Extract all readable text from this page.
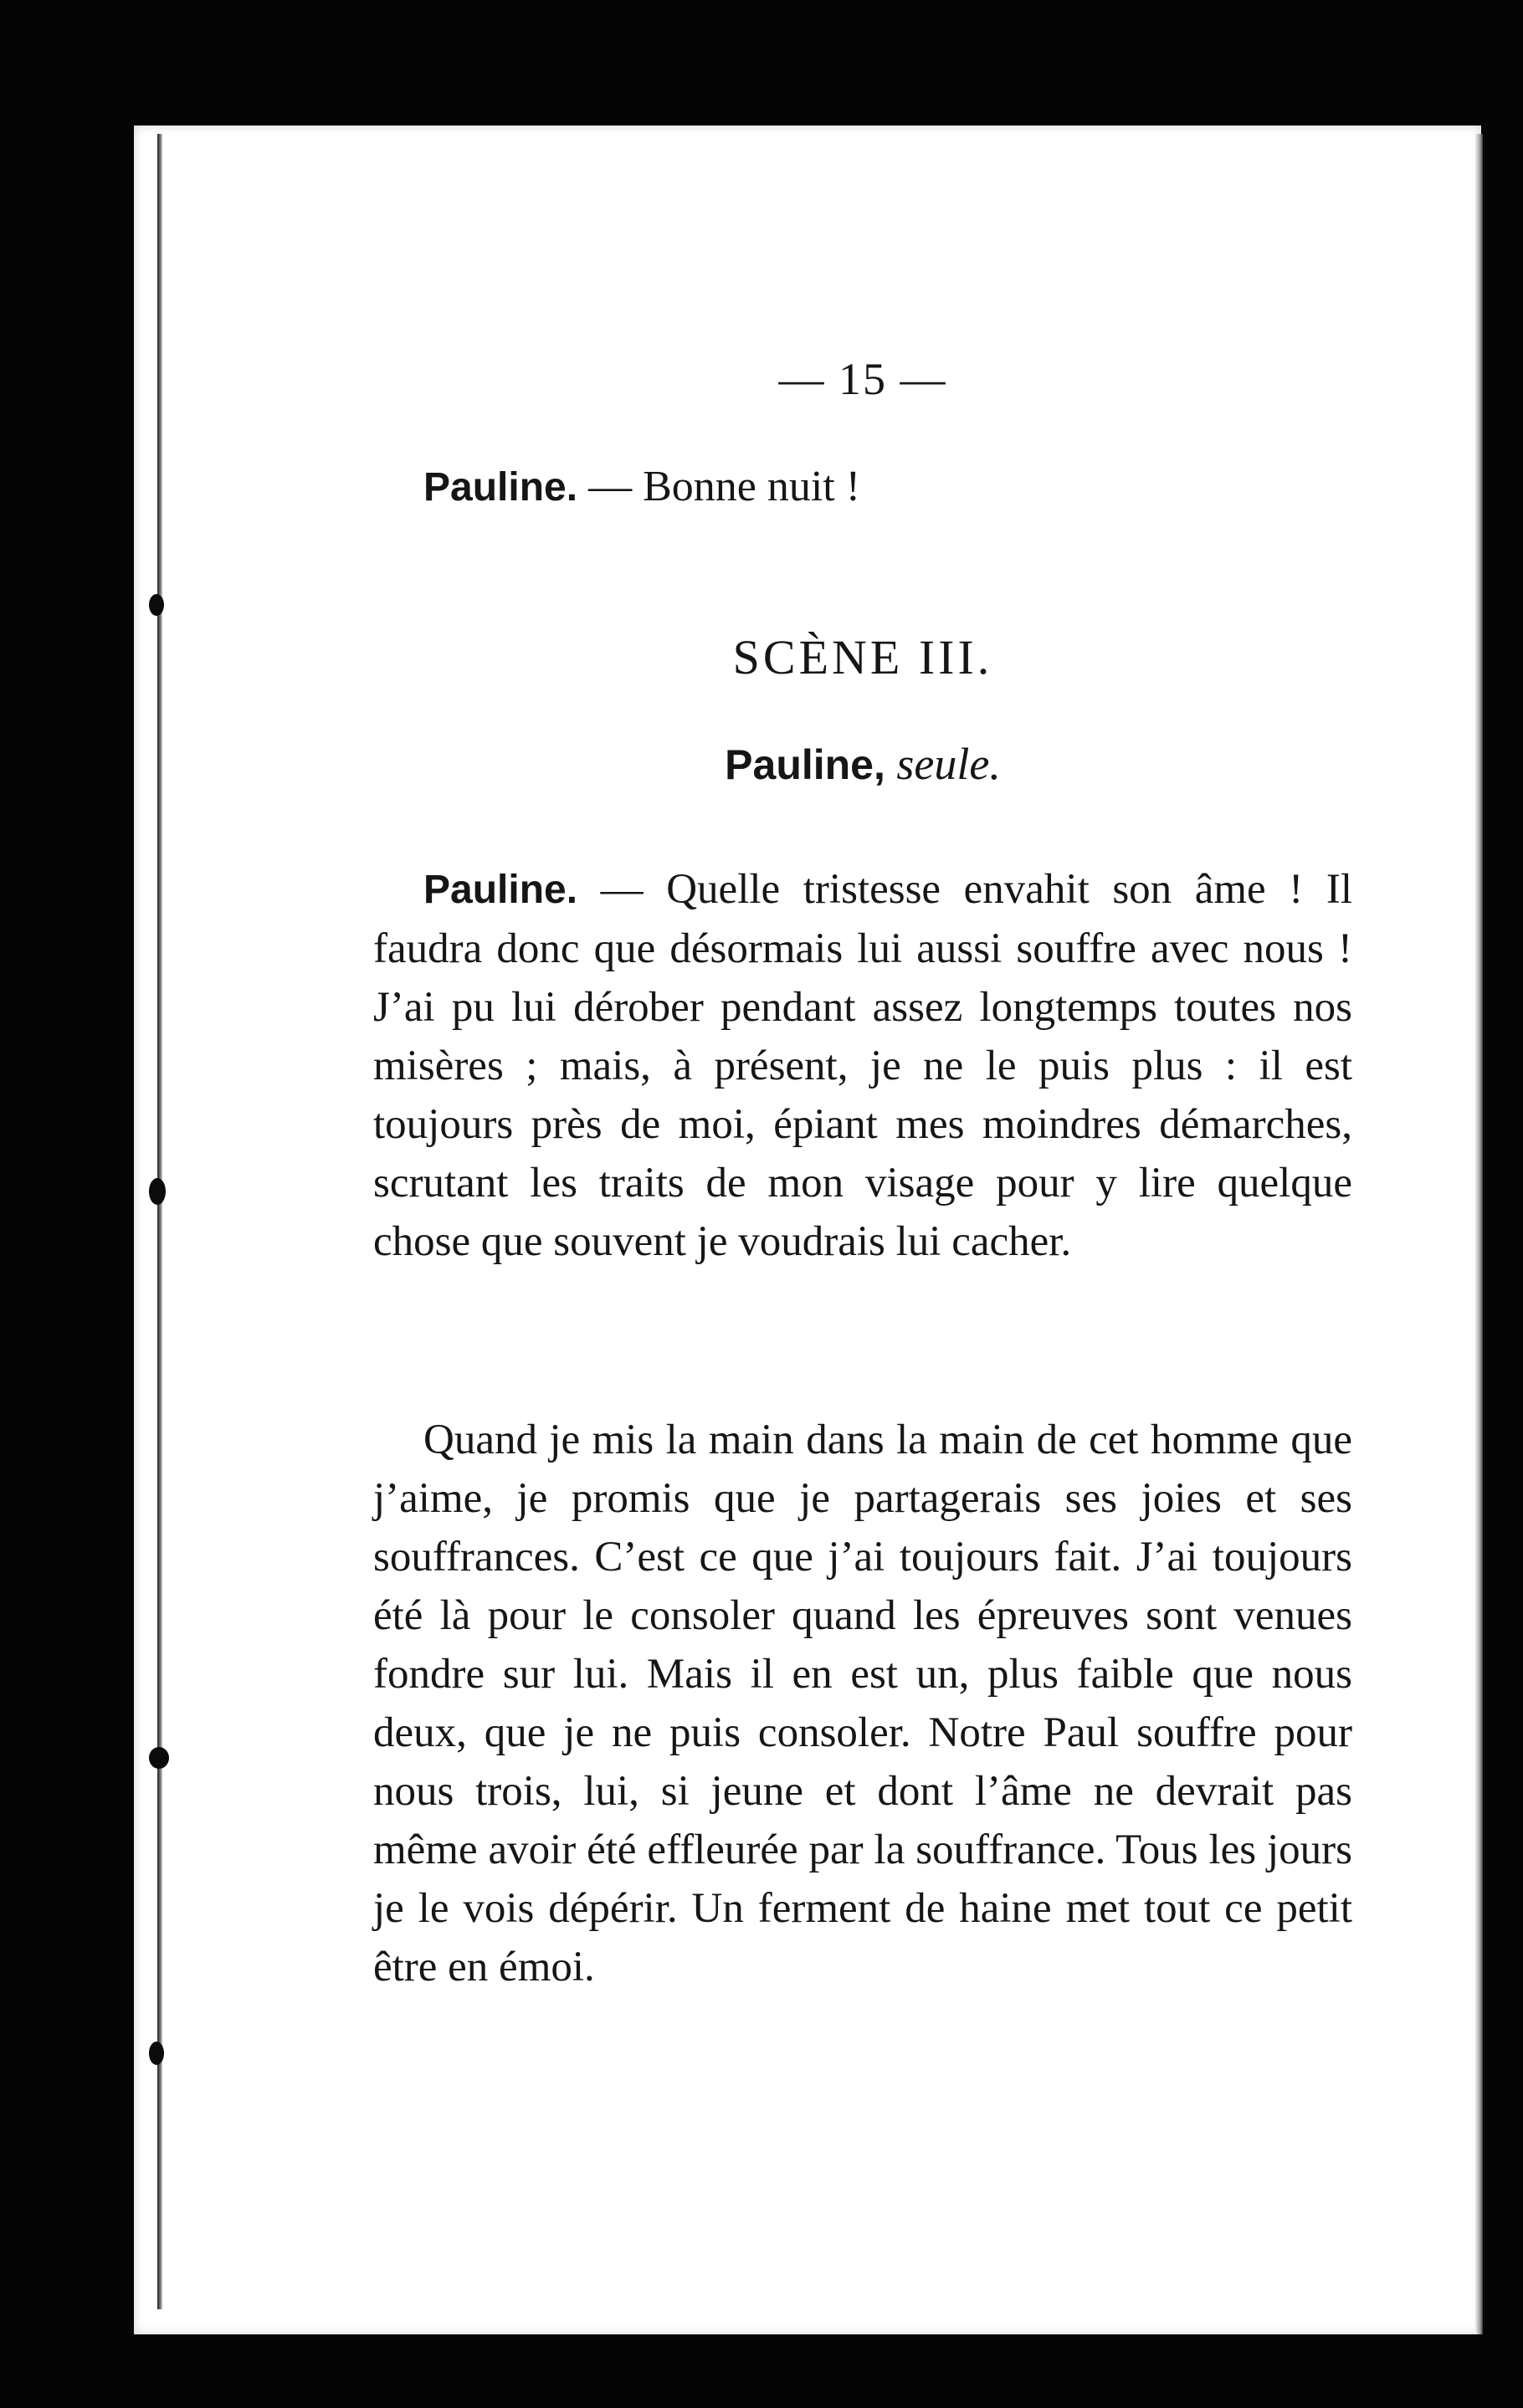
— 15 —
Pauline. — Bonne nuit !
SCÈNE III.
Pauline, seule.

Pauline. — Quelle tristesse envahit son âme ! Il faudra donc que désormais lui aussi souffre avec nous ! J’ai pu lui dérober pendant assez longtemps toutes nos misères ; mais, à présent, je ne le puis plus : il est toujours près de moi, épiant mes moindres démarches, scrutant les traits de mon visage pour y lire quelque chose que souvent je voudrais lui cacher.

Quand je mis la main dans la main de cet homme que j’aime, je promis que je partagerais ses joies et ses souffrances. C’est ce que j’ai toujours fait. J’ai toujours été là pour le consoler quand les épreuves sont venues fondre sur lui. Mais il en est un, plus faible que nous deux, que je ne puis consoler. Notre Paul souffre pour nous trois, lui, si jeune et dont l’âme ne devrait pas même avoir été effleurée par la souffrance. Tous les jours je le vois dépérir. Un ferment de haine met tout ce petit être en émoi.
